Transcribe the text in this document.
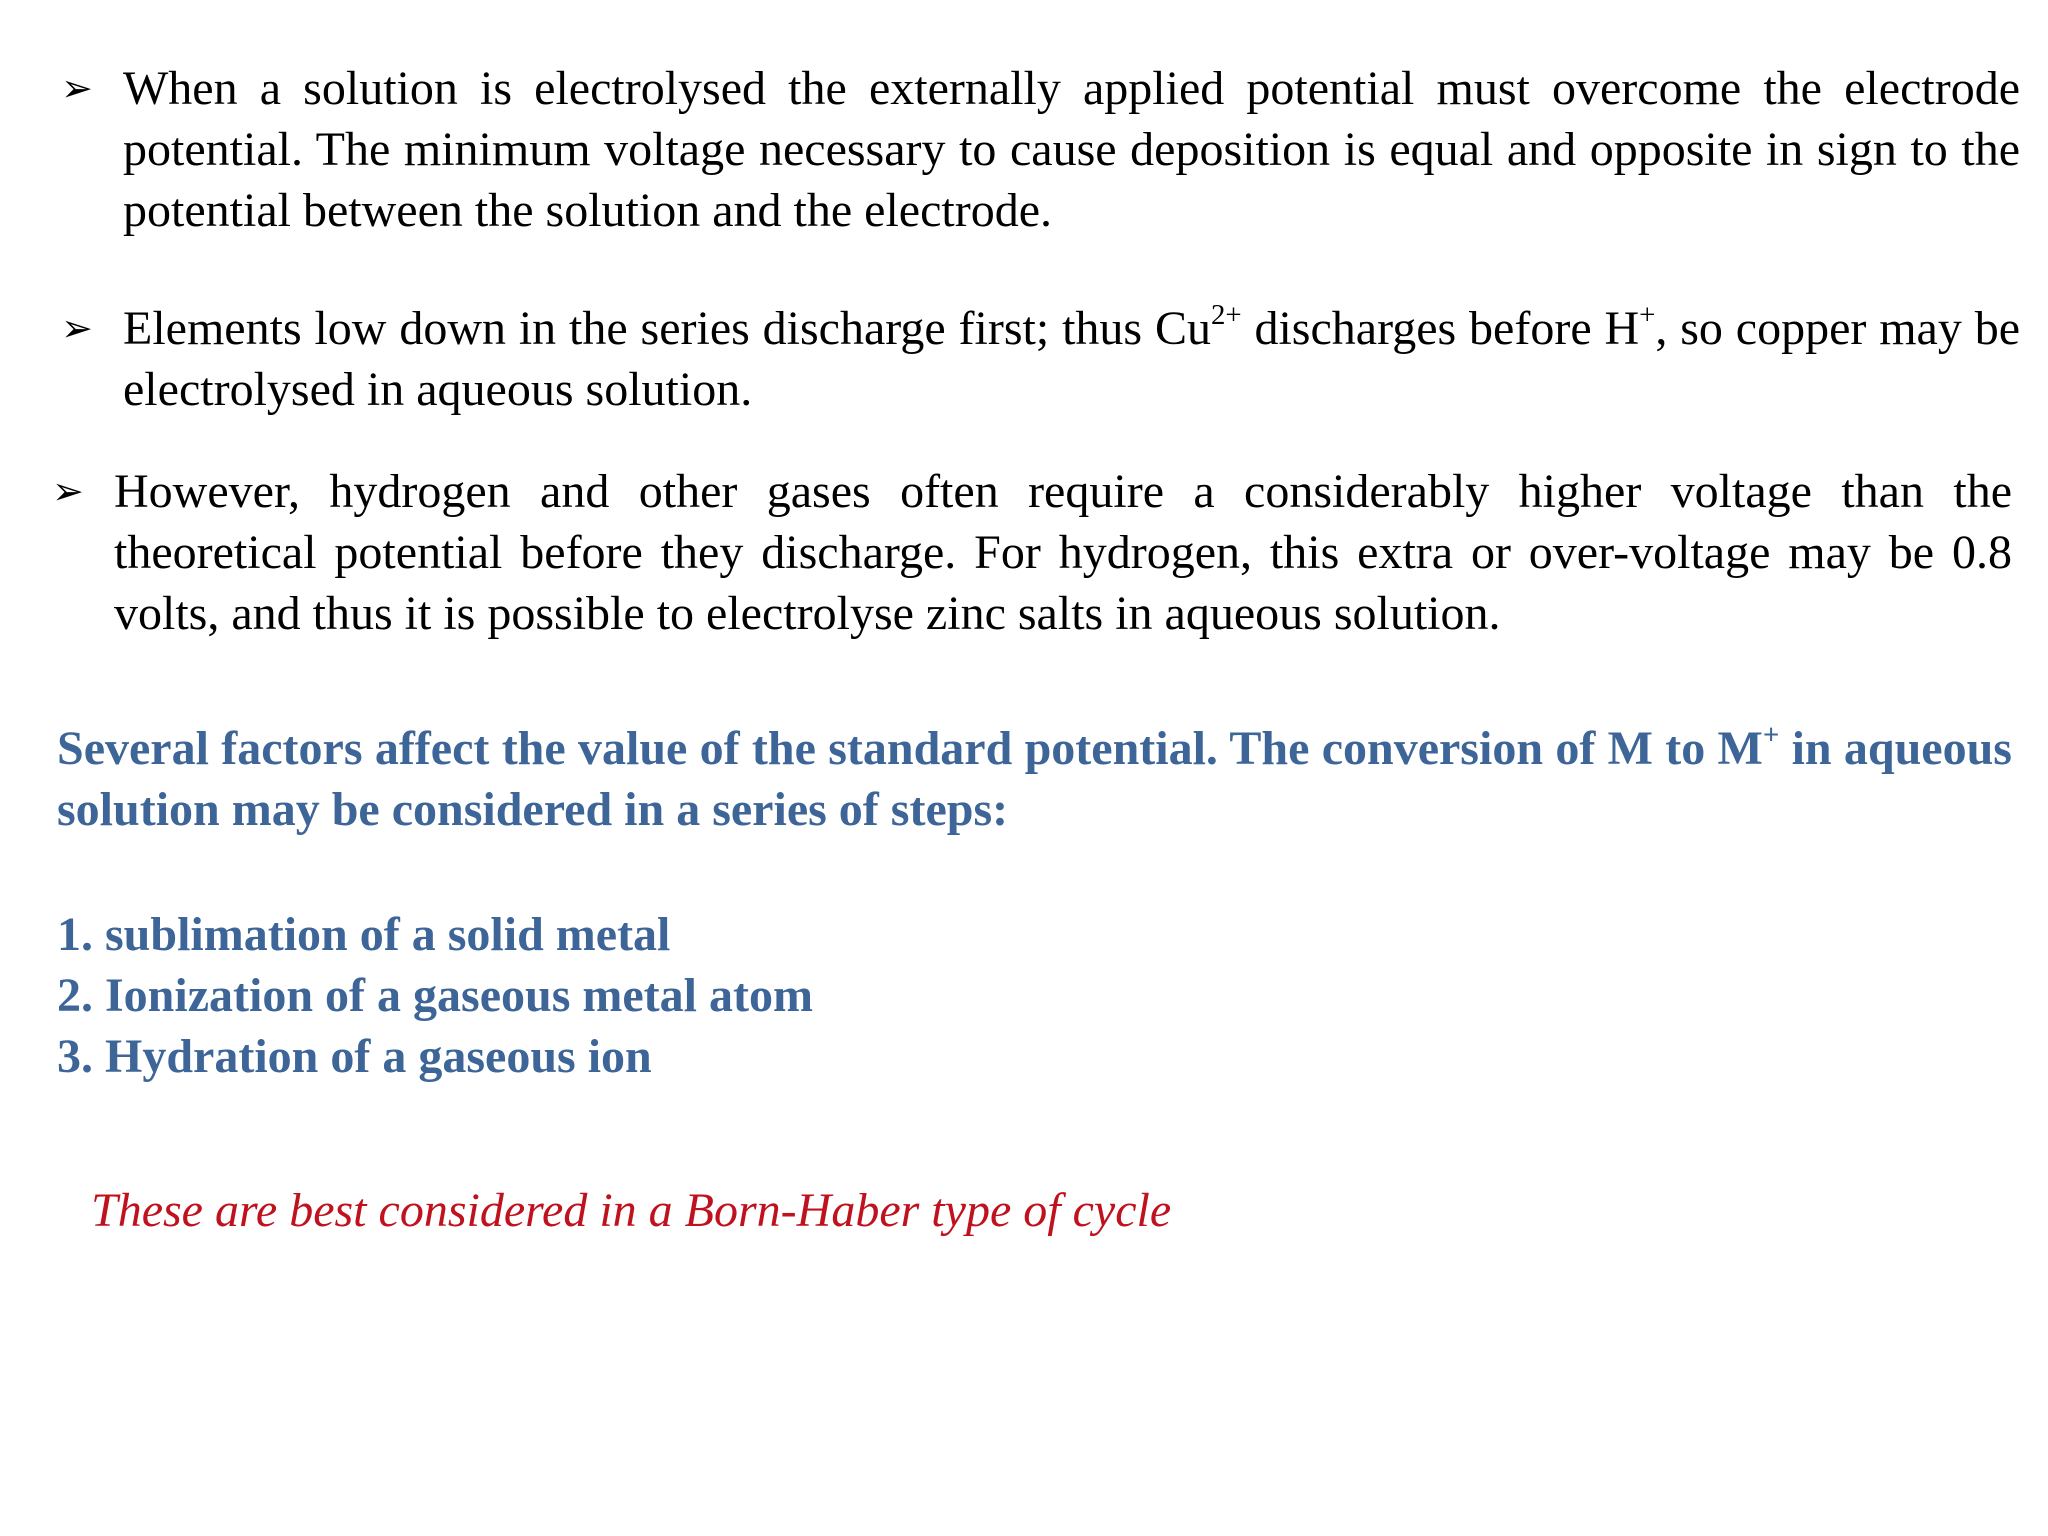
➢ When a solution is electrolysed the externally applied potential must overcome the electrode potential. The minimum voltage necessary to cause deposition is equal and opposite in sign to the potential between the solution and the electrode.
➢ Elements low down in the series discharge first; thus $Cu^{2+}$ discharges before H+, so copper may be electrolysed in aqueous solution.
➢ However, hydrogen and other gases often require a considerably higher voltage than the theoretical potential before they discharge. For hydrogen, this extra or over-voltage may be 0.8 volts, and thus it is possible to electrolyse zinc salts in aqueous solution.
Several factors affect the value of the standard potential. The conversion of M to M+ in aqueous solution may be considered in a series of steps:
1. sublimation of a solid metal
2. Ionization of a gaseous metal atom
3. Hydration of a gaseous ion
These are best considered in a Born-Haber type of cycle
